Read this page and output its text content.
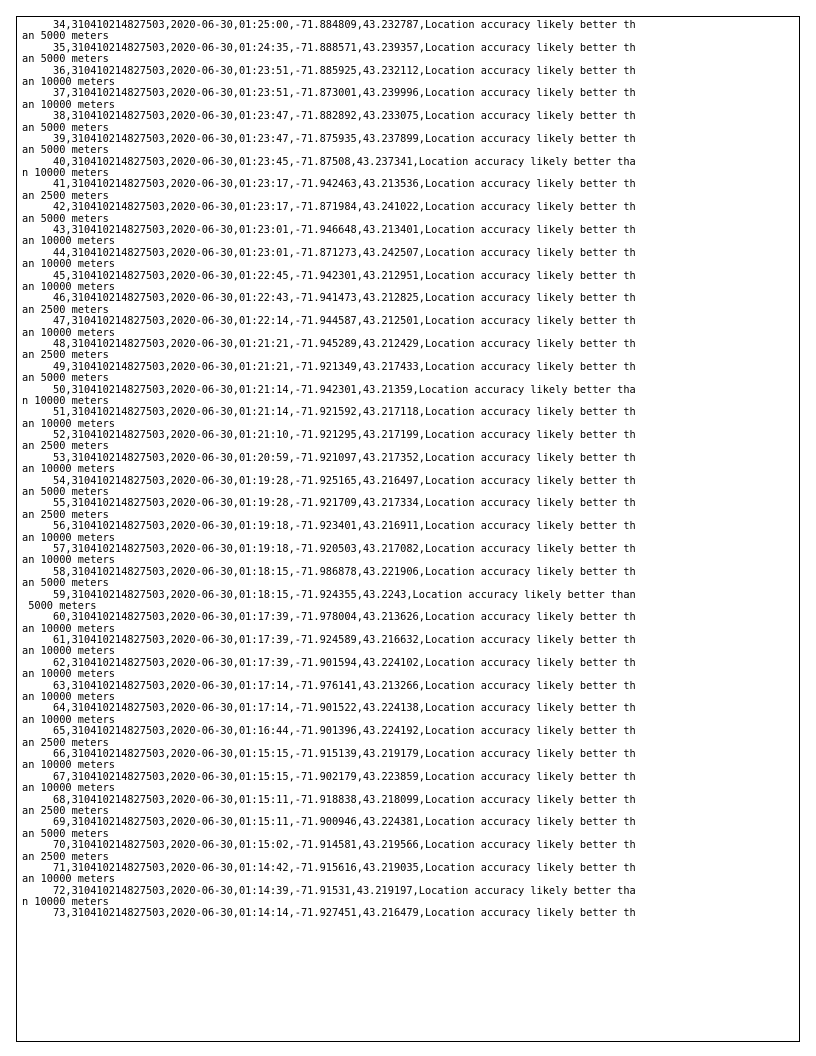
34,310410214827503,2020-06-30,01:25:00,-71.884809,43.232787,Location accuracy likely better th
an 5000 meters
35,310410214827503,2020-06-30,01:24:35,-71.888571,43.239357,Location accuracy likely better th
an 5000 meters
36,310410214827503,2020-06-30,01:23:51,-71.885925,43.232112,Location accuracy likely better th
an 10000 meters
37,310410214827503,2020-06-30,01:23:51,-71.873001,43.239996,Location accuracy likely better th
an 10000 meters
38,310410214827503,2020-06-30,01:23:47,-71.882892,43.233075,Location accuracy likely better th
an 5000 meters
39,310410214827503,2020-06-30,01:23:47,-71.875935,43.237899,Location accuracy likely better th
an 5000 meters
40,310410214827503,2020-06-30,01:23:45,-71.87508,43.237341,Location accuracy likely better tha
n 10000 meters
41,310410214827503,2020-06-30,01:23:17,-71.942463,43.213536,Location accuracy likely better th
an 2500 meters
42,310410214827503,2020-06-30,01:23:17,-71.871984,43.241022,Location accuracy likely better th
an 5000 meters
43,310410214827503,2020-06-30,01:23:01,-71.946648,43.213401,Location accuracy likely better th
an 10000 meters
44,310410214827503,2020-06-30,01:23:01,-71.871273,43.242507,Location accuracy likely better th
an 10000 meters
45,310410214827503,2020-06-30,01:22:45,-71.942301,43.212951,Location accuracy likely better th
an 10000 meters
46,310410214827503,2020-06-30,01:22:43,-71.941473,43.212825,Location accuracy likely better th
an 2500 meters
47,310410214827503,2020-06-30,01:22:14,-71.944587,43.212501,Location accuracy likely better th
an 10000 meters
48,310410214827503,2020-06-30,01:21:21,-71.945289,43.212429,Location accuracy likely better th
an 2500 meters
49,310410214827503,2020-06-30,01:21:21,-71.921349,43.217433,Location accuracy likely better th
an 5000 meters
50,310410214827503,2020-06-30,01:21:14,-71.942301,43.21359,Location accuracy likely better tha
n 10000 meters
51,310410214827503,2020-06-30,01:21:14,-71.921592,43.217118,Location accuracy likely better th
an 10000 meters
52,310410214827503,2020-06-30,01:21:10,-71.921295,43.217199,Location accuracy likely better th
an 2500 meters
53,310410214827503,2020-06-30,01:20:59,-71.921097,43.217352,Location accuracy likely better th
an 10000 meters
54,310410214827503,2020-06-30,01:19:28,-71.925165,43.216497,Location accuracy likely better th
an 5000 meters
55,310410214827503,2020-06-30,01:19:28,-71.921709,43.217334,Location accuracy likely better th
an 2500 meters
56,310410214827503,2020-06-30,01:19:18,-71.923401,43.216911,Location accuracy likely better th
an 10000 meters
57,310410214827503,2020-06-30,01:19:18,-71.920503,43.217082,Location accuracy likely better th
an 10000 meters
58,310410214827503,2020-06-30,01:18:15,-71.986878,43.221906,Location accuracy likely better th
an 5000 meters
59,310410214827503,2020-06-30,01:18:15,-71.924355,43.2243,Location accuracy likely better than
5000 meters
60,310410214827503,2020-06-30,01:17:39,-71.978004,43.213626,Location accuracy likely better th
an 10000 meters
61,310410214827503,2020-06-30,01:17:39,-71.924589,43.216632,Location accuracy likely better th
an 10000 meters
62,310410214827503,2020-06-30,01:17:39,-71.901594,43.224102,Location accuracy likely better th
an 10000 meters
63,310410214827503,2020-06-30,01:17:14,-71.976141,43.213266,Location accuracy likely better th
an 10000 meters
64,310410214827503,2020-06-30,01:17:14,-71.901522,43.224138,Location accuracy likely better th
an 10000 meters
65,310410214827503,2020-06-30,01:16:44,-71.901396,43.224192,Location accuracy likely better th
an 2500 meters
66,310410214827503,2020-06-30,01:15:15,-71.915139,43.219179,Location accuracy likely better th
an 10000 meters
67,310410214827503,2020-06-30,01:15:15,-71.902179,43.223859,Location accuracy likely better th
an 10000 meters
68,310410214827503,2020-06-30,01:15:11,-71.918838,43.218099,Location accuracy likely better th
an 2500 meters
69,310410214827503,2020-06-30,01:15:11,-71.900946,43.224381,Location accuracy likely better th
an 5000 meters
70,310410214827503,2020-06-30,01:15:02,-71.914581,43.219566,Location accuracy likely better th
an 2500 meters
71,310410214827503,2020-06-30,01:14:42,-71.915616,43.219035,Location accuracy likely better th
an 10000 meters
72,310410214827503,2020-06-30,01:14:39,-71.91531,43.219197,Location accuracy likely better tha
n 10000 meters
73,310410214827503,2020-06-30,01:14:14,-71.927451,43.216479,Location accuracy likely better th
